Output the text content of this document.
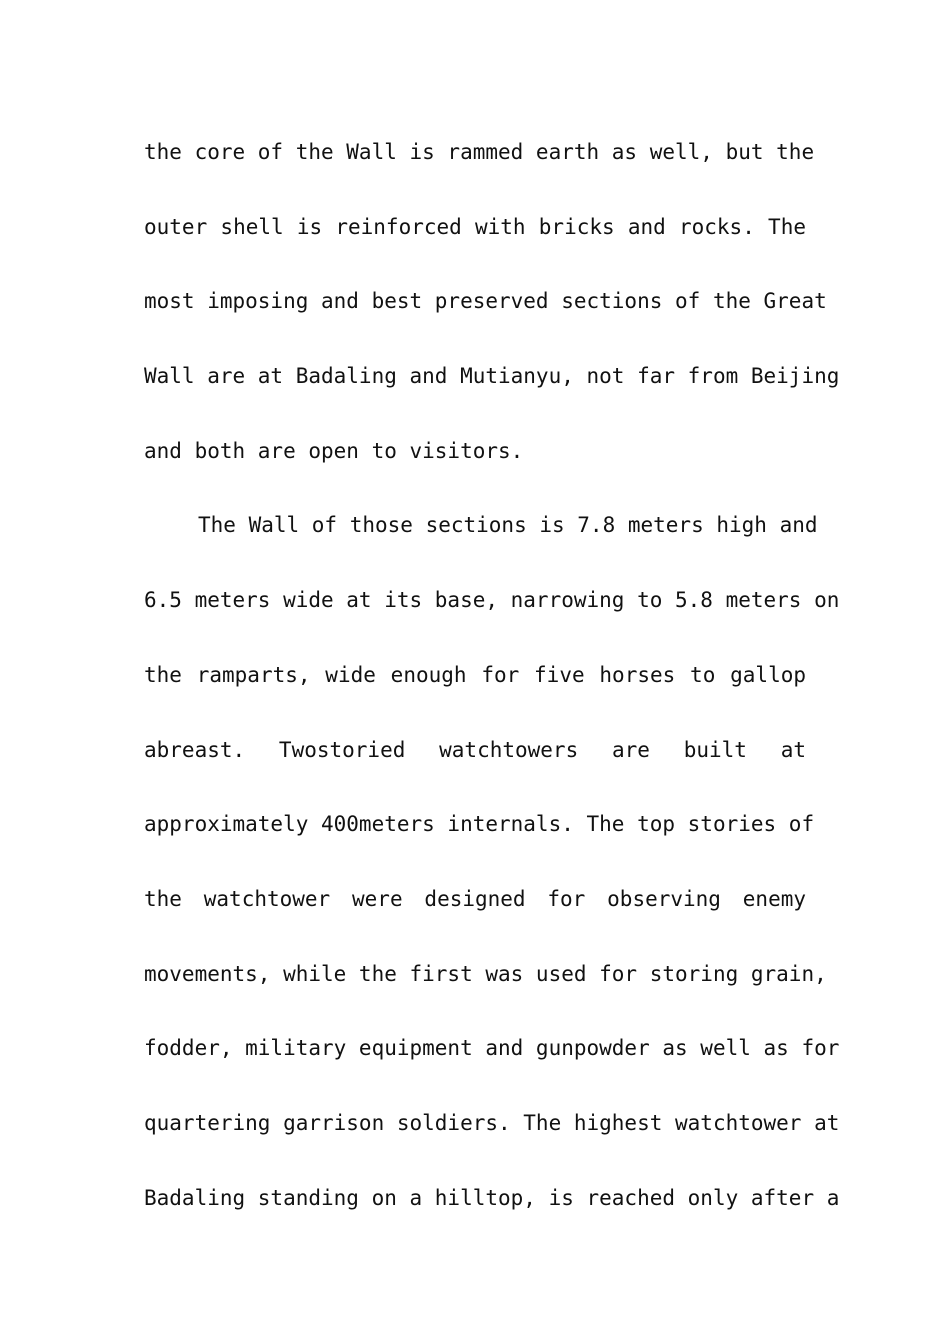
the core of the Wall is rammed earth as well, but the
outer shell is reinforced with bricks and rocks. The
most imposing and best preserved sections of the Great
Wall are at Badaling and Mutianyu, not far from Beijing
and both are open to visitors.
The Wall of those sections is 7.8 meters high and
6.5 meters wide at its base, narrowing to 5.8 meters on
the ramparts, wide enough for five horses to gallop
abreast. Twostoried watchtowers are built at
approximately 400meters internals. The top stories of
the watchtower were designed for observing enemy
movements, while the first was used for storing grain,
fodder, military equipment and gunpowder as well as for
quartering garrison soldiers. The highest watchtower at
Badaling standing on a hilltop, is reached only after a
